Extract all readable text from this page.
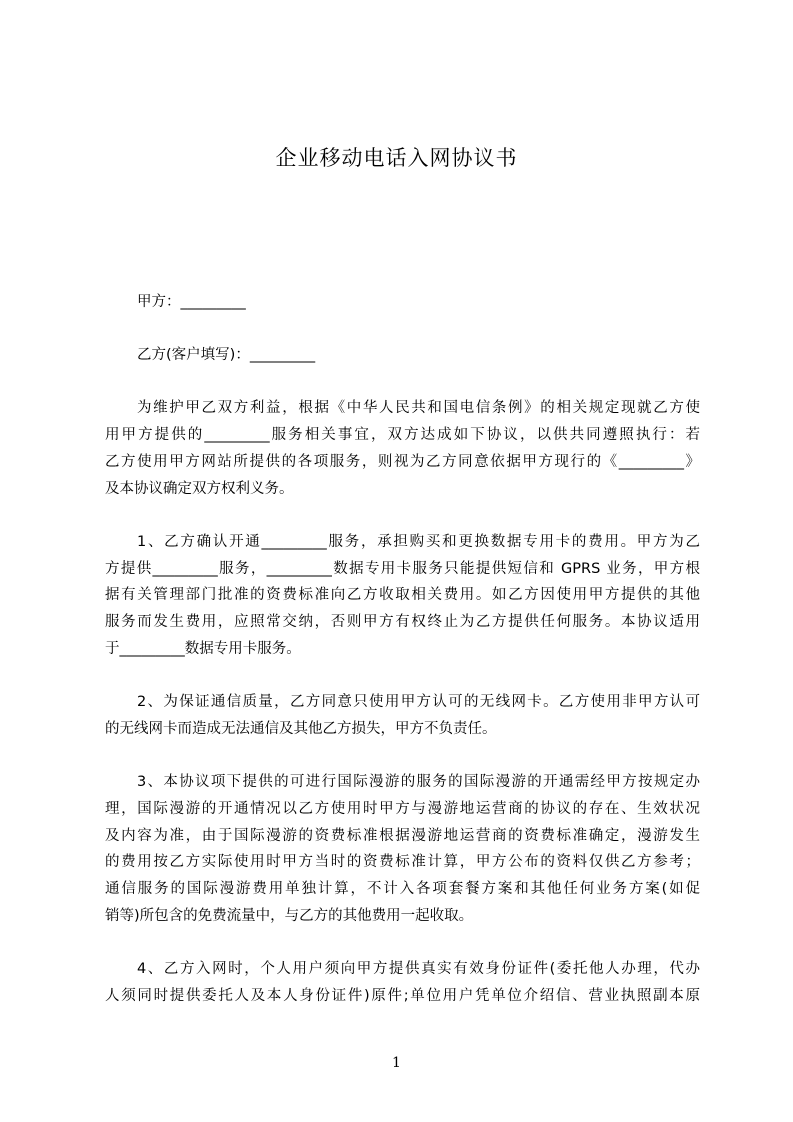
企业移动电话入网协议书
甲方：_________
乙方(客户填写)：_________
为维护甲乙双方利益，根据《中华人民共和国电信条例》的相关规定现就乙方使
用甲方提供的_________服务相关事宜，双方达成如下协议，以供共同遵照执行：若
乙方使用甲方网站所提供的各项服务，则视为乙方同意依据甲方现行的《_________》
及本协议确定双方权利义务。
1、乙方确认开通_________服务，承担购买和更换数据专用卡的费用。甲方为乙
方提供_________服务，_________数据专用卡服务只能提供短信和 GPRS 业务，甲方根
据有关管理部门批准的资费标准向乙方收取相关费用。如乙方因使用甲方提供的其他
服务而发生费用，应照常交纳，否则甲方有权终止为乙方提供任何服务。本协议适用
于_________数据专用卡服务。
2、为保证通信质量，乙方同意只使用甲方认可的无线网卡。乙方使用非甲方认可
的无线网卡而造成无法通信及其他乙方损失，甲方不负责任。
3、本协议项下提供的可进行国际漫游的服务的国际漫游的开通需经甲方按规定办
理，国际漫游的开通情况以乙方使用时甲方与漫游地运营商的协议的存在、生效状况
及内容为准，由于国际漫游的资费标准根据漫游地运营商的资费标准确定，漫游发生
的费用按乙方实际使用时甲方当时的资费标准计算，甲方公布的资料仅供乙方参考；
通信服务的国际漫游费用单独计算，不计入各项套餐方案和其他任何业务方案(如促
销等)所包含的免费流量中，与乙方的其他费用一起收取。
4、乙方入网时，个人用户须向甲方提供真实有效身份证件(委托他人办理，代办
人须同时提供委托人及本人身份证件)原件;单位用户凭单位介绍信、营业执照副本原
1
